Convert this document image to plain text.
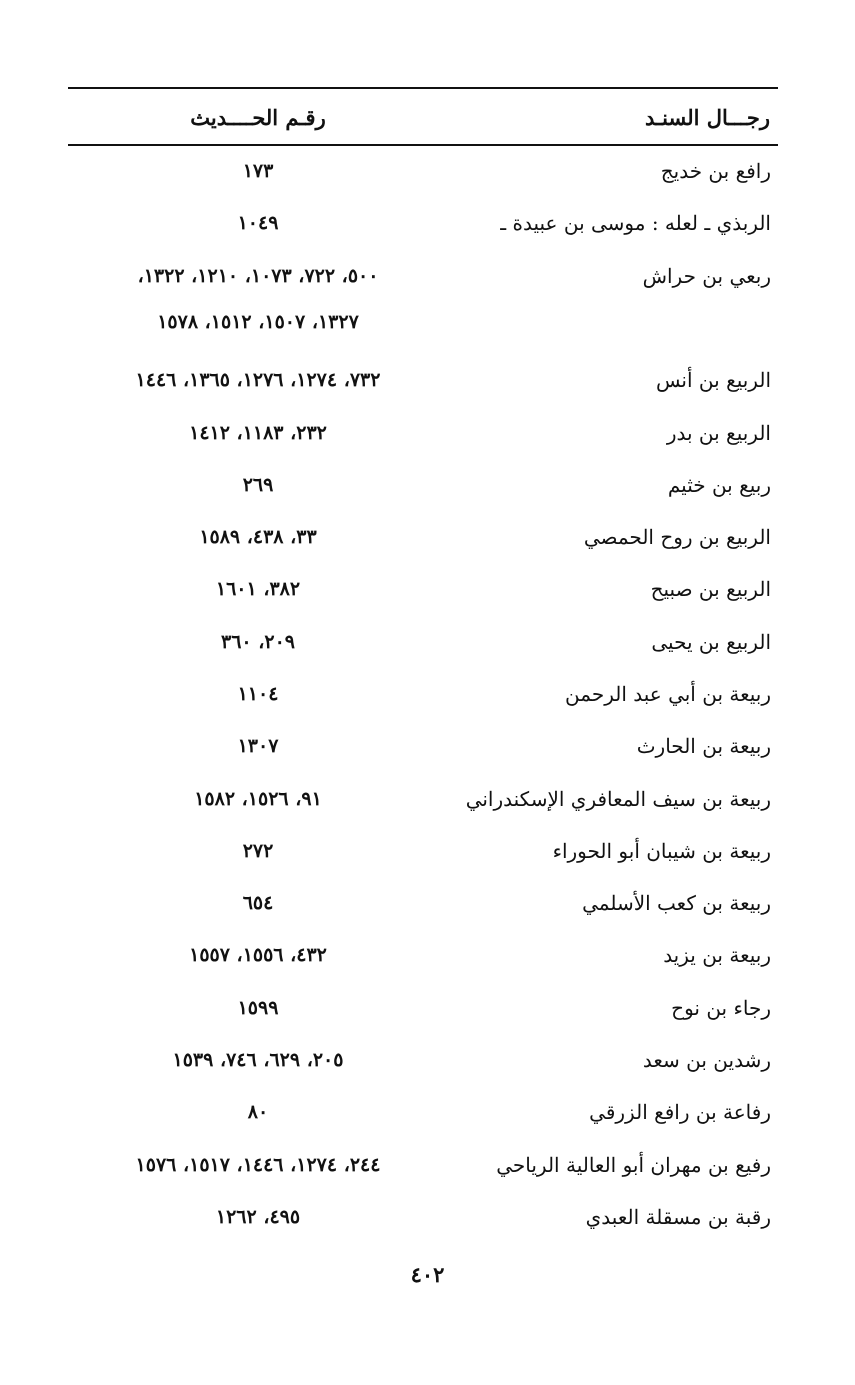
رجـــال السنـد
رقـم الحــــديث
رافع بن خديج
١٧٣
الربذي ـ لعله : موسى بن عبيدة ـ
١٠٤٩
ربعي بن حراش
٥٠٠، ٧٢٢، ١٠٧٣، ١٢١٠، ١٣٢٢،
١٣٢٧، ١٥٠٧، ١٥١٢، ١٥٧٨
الربيع بن أنس
٧٣٢، ١٢٧٤، ١٢٧٦، ١٣٦٥، ١٤٤٦
الربيع بن بدر
٢٣٢، ١١٨٣، ١٤١٢
ربيع بن خثيم
٢٦٩
الربيع بن روح الحمصي
٣٣، ٤٣٨، ١٥٨٩
الربيع بن صبيح
٣٨٢، ١٦٠١
الربيع بن يحيى
٢٠٩، ٣٦٠
ربيعة بن أبي عبد الرحمن
١١٠٤
ربيعة بن الحارث
١٣٠٧
ربيعة بن سيف المعافري الإسكندراني
٩١، ١٥٢٦، ١٥٨٢
ربيعة بن شيبان أبو الحوراء
٢٧٢
ربيعة بن كعب الأسلمي
٦٥٤
ربيعة بن يزيد
٤٣٢، ١٥٥٦، ١٥٥٧
رجاء بن نوح
١٥٩٩
رشدين بن سعد
٢٠٥، ٦٢٩، ٧٤٦، ١٥٣٩
رفاعة بن رافع الزرقي
٨٠
رفيع بن مهران أبو العالية الرياحي
٢٤٤، ١٢٧٤، ١٤٤٦، ١٥١٧، ١٥٧٦
رقبة بن مسقلة العبدي
٤٩٥، ١٢٦٢
٤٠٢
